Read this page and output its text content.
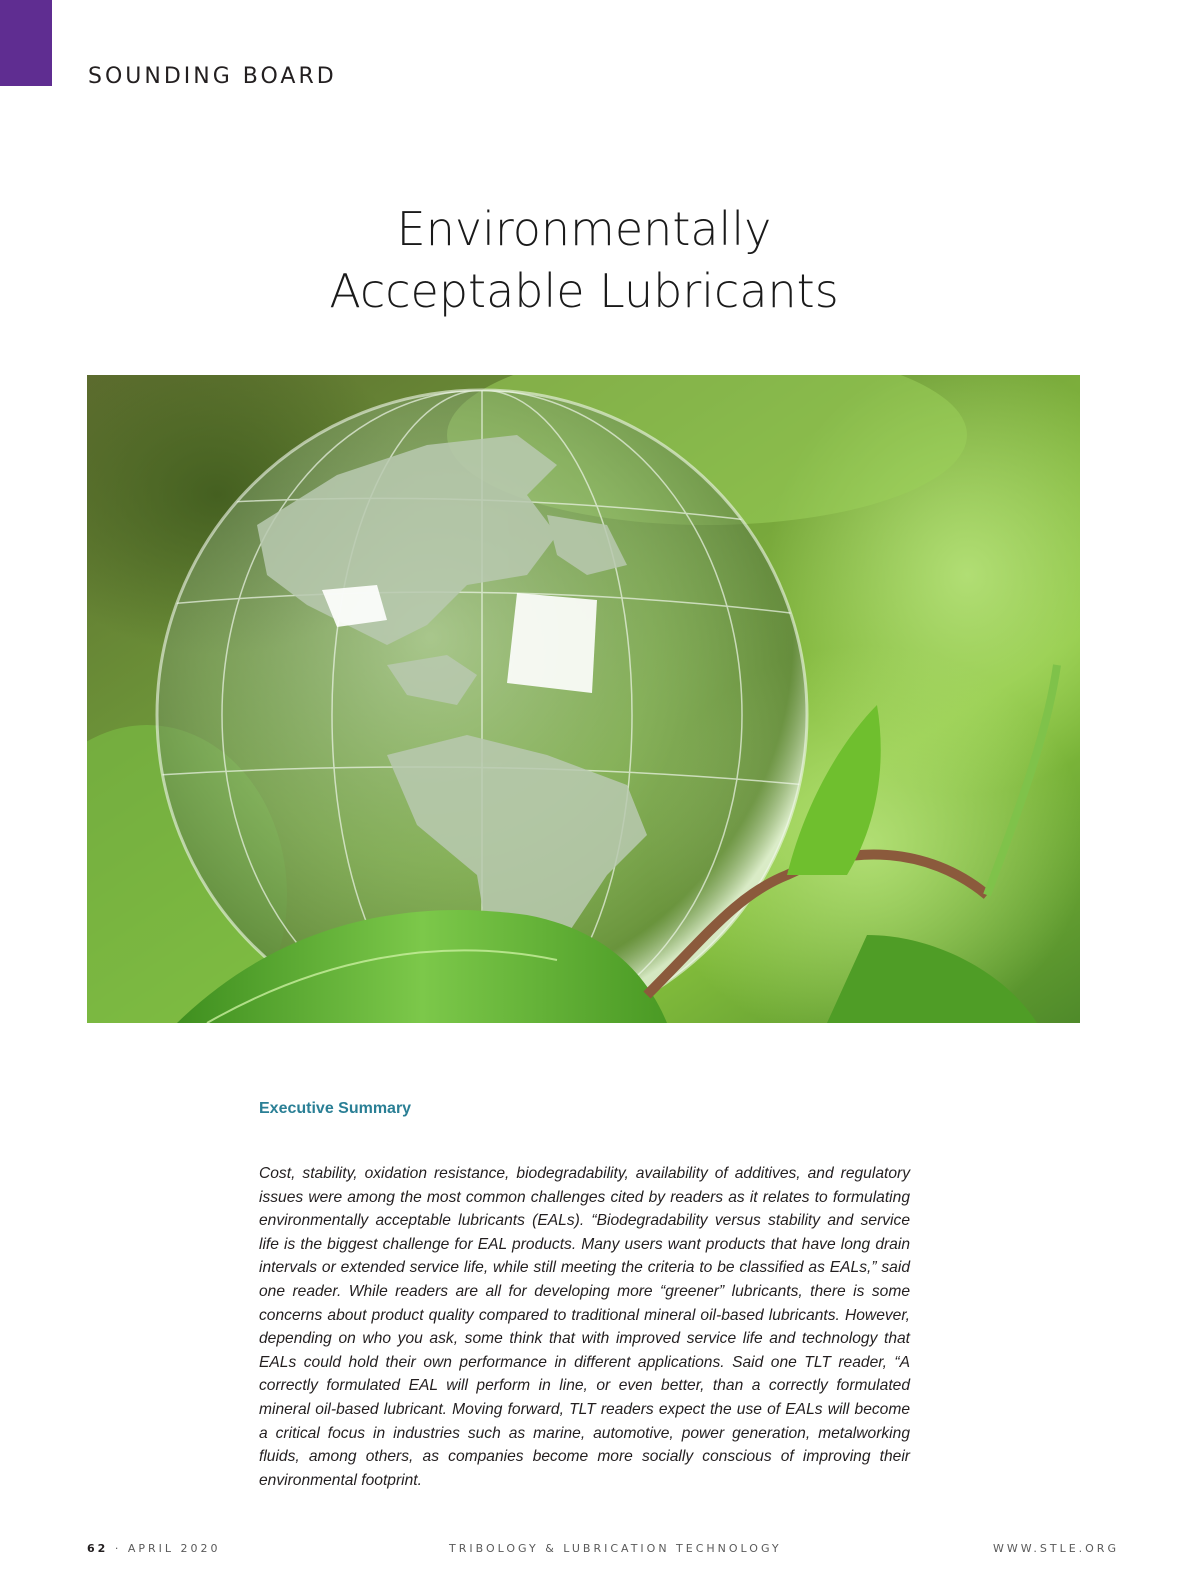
SOUNDING BOARD
Environmentally
Acceptable Lubricants
Executive Summary

Cost, stability, oxidation resistance, biodegradability, availability of additives, and regulatory issues were among the most common challenges cited by readers as it relates to formulating environmentally acceptable lubricants (EALs). “Biodegradability versus stability and service life is the biggest challenge for EAL products. Many users want products that have long drain intervals or extended service life, while still meeting the criteria to be classified as EALs,” said one reader. While readers are all for developing more “greener” lubricants, there is some concerns about product quality compared to traditional mineral oil-based lubricants. However, depending on who you ask, some think that with improved service life and technology that EALs could hold their own performance in different applications. Said one TLT reader, “A correctly formulated EAL will perform in line, or even better, than a correctly formulated mineral oil-based lubricant. Moving forward, TLT readers expect the use of EALs will become a critical focus in industries such as marine, automotive, power generation, metalworking fluids, among others, as companies become more socially conscious of improving their environmental footprint.

62 · APRIL 2020	TRIBOLOGY & LUBRICATION TECHNOLOGY	WWW.STLE.ORG
